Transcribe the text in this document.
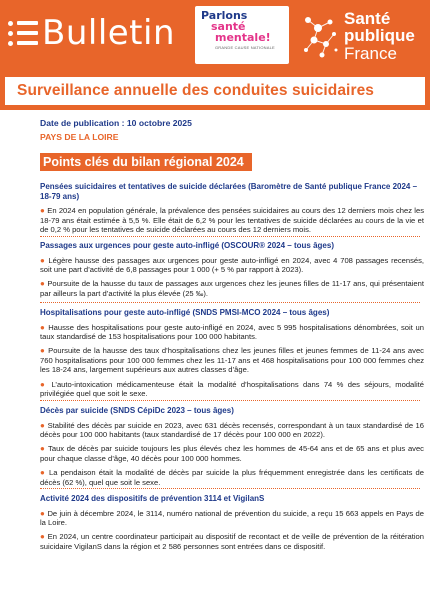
Bulletin Parlons
santé
mentale!
GRANDE CAUSE NATIONALE
Santé
publique
France
Surveillance annuelle des conduites suicidaires
Date de publication : 10 octobre 2025
PAYS DE LA LOIRE
Points clés du bilan régional 2024
Pensées suicidaires et tentatives de suicide déclarées (Baromètre de Santé publique France 2024 – 18-79 ans)

● En 2024 en population générale, la prévalence des pensées suicidaires au cours des 12 derniers mois chez les 18-79 ans était estimée à 5,5 %. Elle était de 6,2 % pour les tentatives de suicide déclarées au cours de la vie et de 0,2 % pour les tentatives de suicide déclarées au cours des 12 derniers mois.

Passages aux urgences pour geste auto-infligé (OSCOUR® 2024 – tous âges)

● Légère hausse des passages aux urgences pour geste auto-infligé en 2024, avec 4 708 passages recensés, soit une part d’activité de 6,8 passages pour 1 000 (+ 5 % par rapport à 2023).

● Poursuite de la hausse du taux de passages aux urgences chez les jeunes filles de 11-17 ans, qui présentaient par ailleurs la part d’activité la plus élevée (25 ‰).

Hospitalisations pour geste auto-infligé (SNDS PMSI-MCO 2024 – tous âges)

● Hausse des hospitalisations pour geste auto-infligé en 2024, avec 5 995 hospitalisations dénombrées, soit un taux standardisé de 153 hospitalisations pour 100 000 habitants.

● Poursuite de la hausse des taux d’hospitalisations chez les jeunes filles et jeunes femmes de 11-24 ans avec 760 hospitalisations pour 100 000 femmes chez les 11-17 ans et 468 hospitalisations pour 100 000 femmes chez les 18-24 ans, largement supérieurs aux autres classes d’âge.

● L’auto-intoxication médicamenteuse était la modalité d’hospitalisations dans 74 % des séjours, modalité privilégiée quel que soit le sexe.

Décès par suicide (SNDS CépiDc 2023 – tous âges)

● Stabilité des décès par suicide en 2023, avec 631 décès recensés, correspondant à un taux standardisé de 16 décès pour 100 000 habitants (taux standardisé de 17 décès pour 100 000 en 2022).

● Taux de décès par suicide toujours les plus élevés chez les hommes de 45-64 ans et de 65 ans et plus avec pour chaque classe d’âge, 40 décès pour 100 000 hommes.

● La pendaison était la modalité de décès par suicide la plus fréquemment enregistrée dans les certificats de décès (62 %), quel que soit le sexe.

Activité 2024 des dispositifs de prévention 3114 et VigilanS

● De juin à décembre 2024, le 3114, numéro national de prévention du suicide, a reçu 15 663 appels en Pays de la Loire.

● En 2024, un centre coordinateur participait au dispositif de recontact et de veille de prévention de la réitération suicidaire VigilanS dans la région et 2 586 personnes sont entrées dans ce dispositif.
